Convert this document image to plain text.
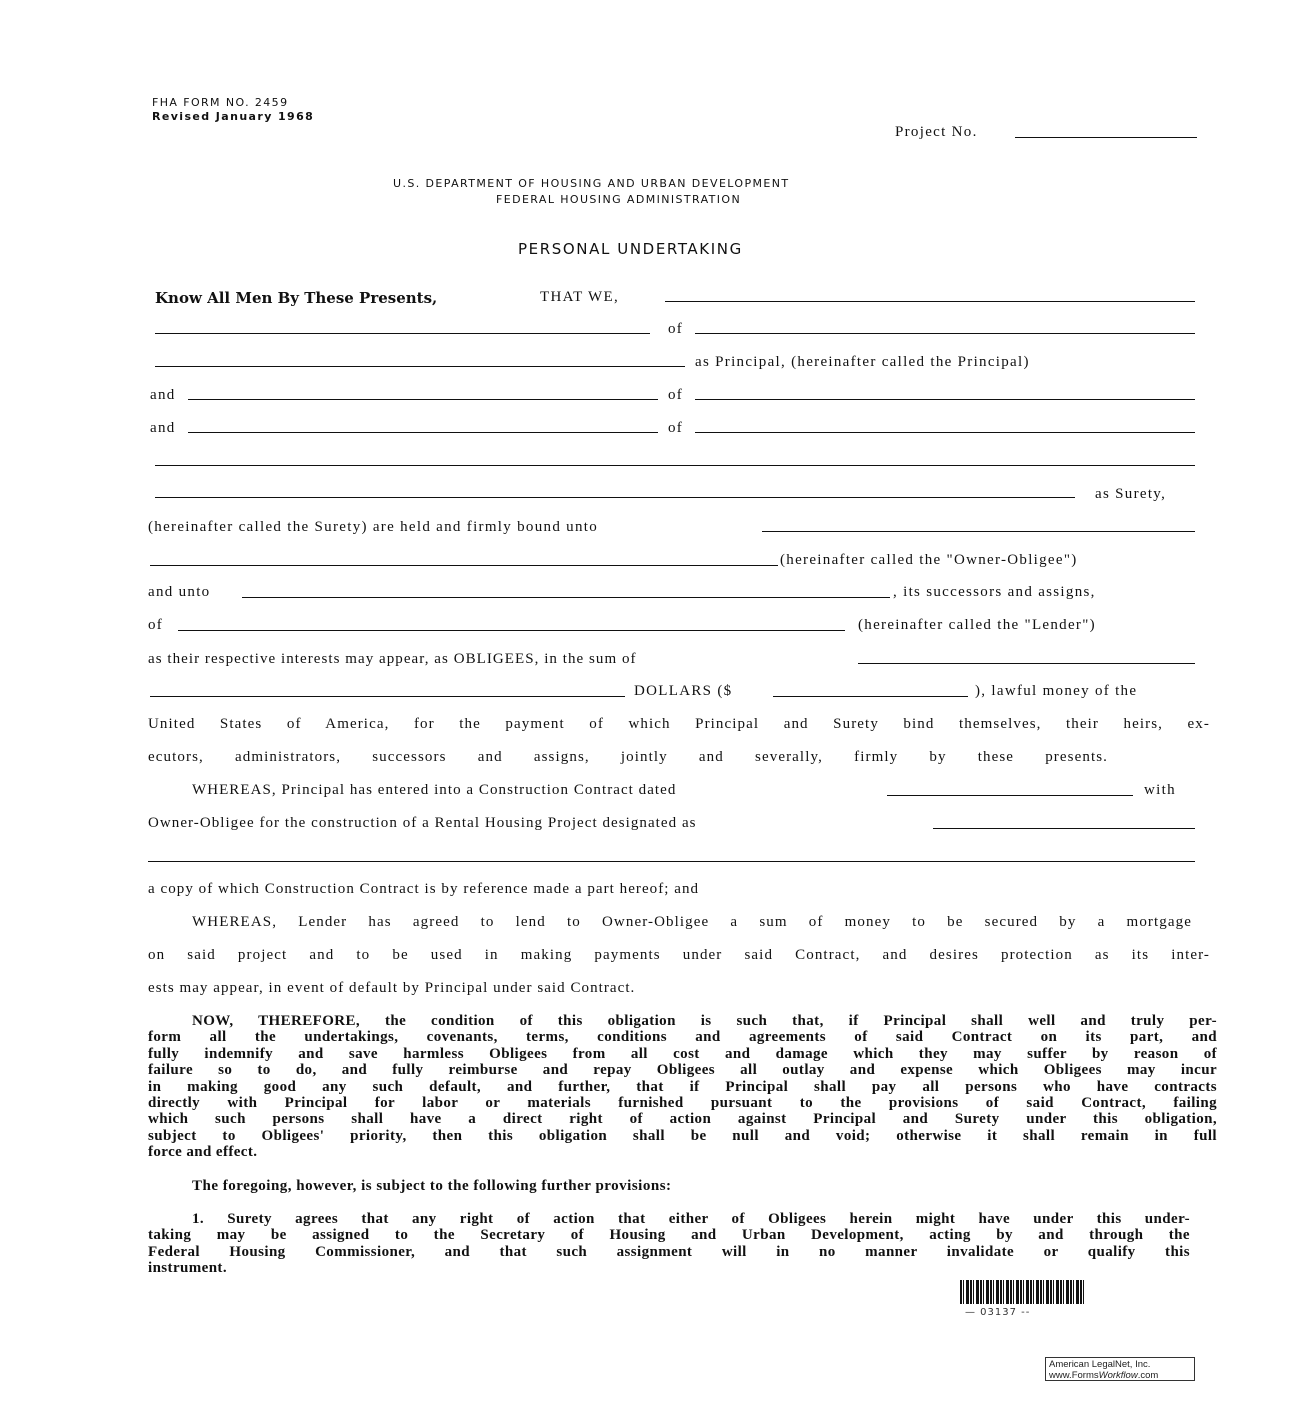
FHA FORM NO. 2459
Revised January 1968
Project No.
U.S. DEPARTMENT OF HOUSING AND URBAN DEVELOPMENT
FEDERAL HOUSING ADMINISTRATION
PERSONAL UNDERTAKING
Know All Men By These Presents,	THAT WE,
of
as Principal, (hereinafter called the Principal)
and	of
and	of
as Surety,
(hereinafter called the Surety) are held and firmly bound unto
(hereinafter called the "Owner-Obligee")
and unto	, its successors and assigns,
of	(hereinafter called the "Lender")
as their respective interests may appear, as OBLIGEES, in the sum of
DOLLARS ($	), lawful money of the
United States of America, for the payment of which Principal and Surety bind themselves, their heirs, ex-
ecutors, administrators, successors and assigns, jointly and severally, firmly by these presents.
WHEREAS, Principal has entered into a Construction Contract dated	with
Owner-Obligee for the construction of a Rental Housing Project designated as
a copy of which Construction Contract is by reference made a part hereof; and
WHEREAS, Lender has agreed to lend to Owner-Obligee a sum of money to be secured by a mortgage
on said project and to be used in making payments under said Contract, and desires protection as its inter-
ests may appear, in event of default by Principal under said Contract.
NOW, THEREFORE, the condition of this obligation is such that, if Principal shall well and truly per-
form all the undertakings, covenants, terms, conditions and agreements of said Contract on its part, and
fully indemnify and save harmless Obligees from all cost and damage which they may suffer by reason of
failure so to do, and fully reimburse and repay Obligees all outlay and expense which Obligees may incur
in making good any such default, and further, that if Principal shall pay all persons who have contracts
directly with Principal for labor or materials furnished pursuant to the provisions of said Contract, failing
which such persons shall have a direct right of action against Principal and Surety under this obligation,
subject to Obligees' priority, then this obligation shall be null and void; otherwise it shall remain in full
force and effect.
The foregoing, however, is subject to the following further provisions:
1. Surety agrees that any right of action that either of Obligees herein might have under this under-
taking may be assigned to the Secretary of Housing and Urban Development, acting by and through the
Federal Housing Commissioner, and that such assignment will in no manner invalidate or qualify this
instrument.
— 03137 --
American LegalNet, Inc.
www.FormsWorkflow.com
